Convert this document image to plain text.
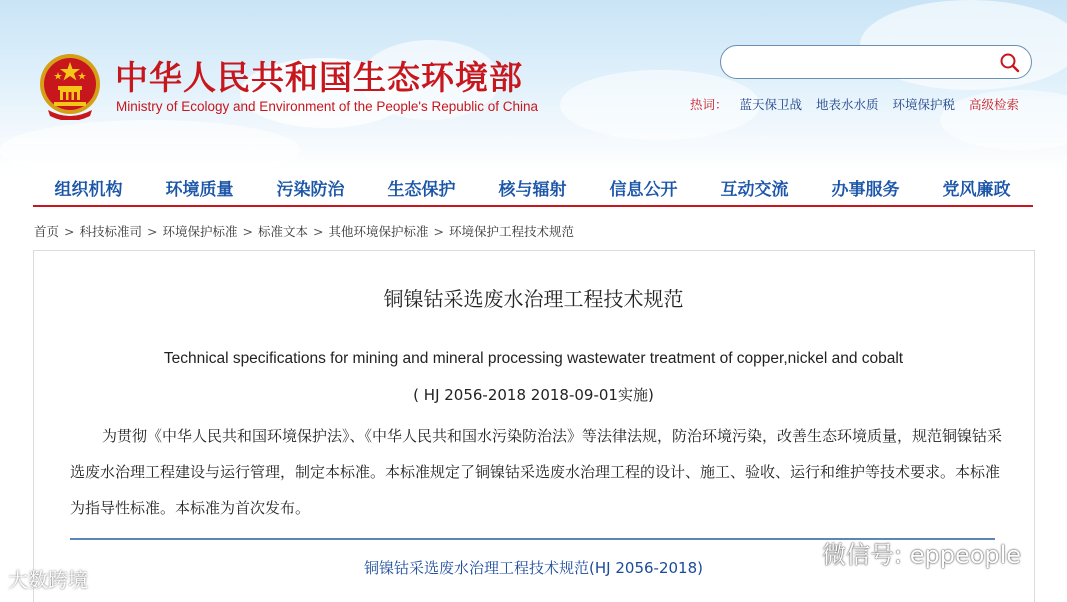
中华人民共和国生态环境部
Ministry of Ecology and Environment of the People's Republic of China	热词： 蓝天保卫战 地表水水质 环境保护税 高级检索
组织机构	环境质量	污染防治	生态保护	核与辐射	信息公开	互动交流	办事服务	党风廉政
首页 > 科技标准司 > 环境保护标准 > 标准文本 > 其他环境保护标准 > 环境保护工程技术规范
铜镍钴采选废水治理工程技术规范
Technical specifications for mining and mineral processing wastewater treatment of copper,nickel and cobalt
( HJ 2056-2018 2018-09-01实施)
为贯彻《中华人民共和国环境保护法》、《中华人民共和国水污染防治法》等法律法规，防治环境污染，改善生态环境质量，规范铜镍钴采选废水治理工程建设与运行管理，制定本标准。本标准规定了铜镍钴采选废水治理工程的设计、施工、验收、运行和维护等技术要求。本标准为指导性标准。本标准为首次发布。
铜镍钴采选废水治理工程技术规范(HJ 2056-2018)	微信号: eppeople
大数跨境
